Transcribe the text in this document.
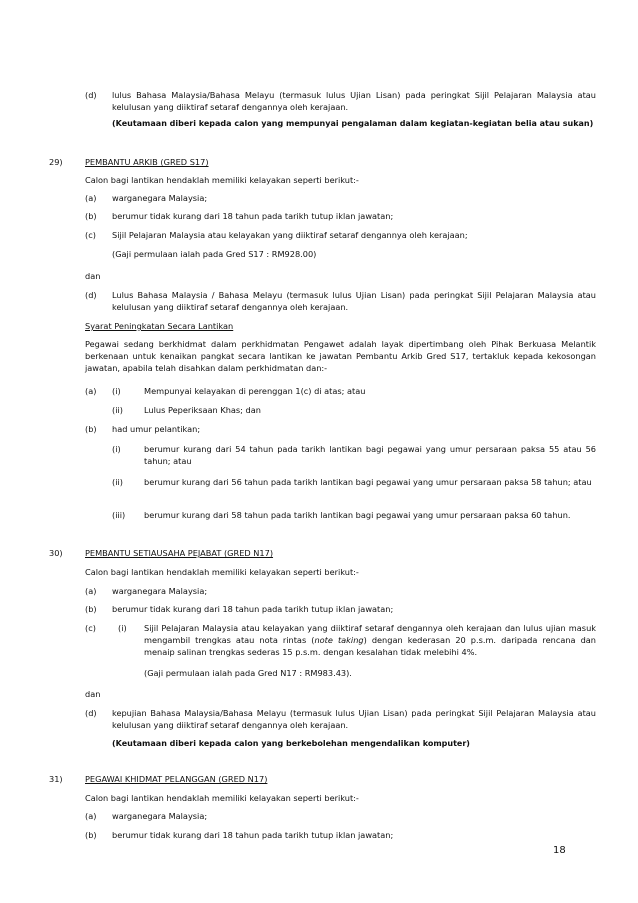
(d) lulus Bahasa Malaysia/Bahasa Melayu (termasuk lulus Ujian Lisan) pada peringkat Sijil Pelajaran Malaysia atau kelulusan yang diiktiraf setaraf dengannya oleh kerajaan.
(Keutamaan diberi kepada calon yang mempunyai pengalaman dalam kegiatan-kegiatan belia atau sukan)
29)	PEMBANTU ARKIB (GRED S17)
Calon bagi lantikan hendaklah memiliki kelayakan seperti berikut:-
(a) warganegara Malaysia;
(b) berumur tidak kurang dari 18 tahun pada tarikh tutup iklan jawatan;
(c) Sijil Pelajaran Malaysia atau kelayakan yang diiktiraf setaraf dengannya oleh kerajaan;
(Gaji permulaan ialah pada Gred S17 : RM928.00)
dan
(d) Lulus Bahasa Malaysia / Bahasa Melayu (termasuk lulus Ujian Lisan) pada peringkat Sijil Pelajaran Malaysia atau kelulusan yang diiktiraf setaraf dengannya oleh kerajaan.
Syarat Peningkatan Secara Lantikan
Pegawai sedang berkhidmat dalam perkhidmatan Pengawet adalah layak dipertimbang oleh Pihak Berkuasa Melantik berkenaan untuk kenaikan pangkat secara lantikan ke jawatan Pembantu Arkib Gred S17, tertakluk kepada kekosongan jawatan, apabila telah disahkan dalam perkhidmatan dan:-
(a) (i)	Mempunyai kelayakan di perenggan 1(c) di atas; atau
(ii)	Lulus Peperiksaan Khas; dan
(b) had umur pelantikan;
(i)	berumur kurang dari 54 tahun pada tarikh lantikan bagi pegawai yang umur persaraan paksa 55 atau 56 tahun; atau
(ii)	berumur kurang dari 56 tahun pada tarikh lantikan bagi pegawai yang umur persaraan paksa 58 tahun; atau
(iii) berumur kurang dari 58 tahun pada tarikh lantikan bagi pegawai yang umur persaraan paksa 60 tahun.
30)	PEMBANTU SETIAUSAHA PEJABAT (GRED N17)
Calon bagi lantikan hendaklah memiliki kelayakan seperti berikut:-
(a) warganegara Malaysia;
(b) berumur tidak kurang dari 18 tahun pada tarikh tutup iklan jawatan;
(c)	(i) Sijil Pelajaran Malaysia atau kelayakan yang diiktiraf setaraf dengannya oleh kerajaan dan lulus ujian masuk mengambil trengkas atau nota rintas (note taking) dengan kederasan 20 p.s.m. daripada rencana dan menaip salinan trengkas sederas 15 p.s.m. dengan kesalahan tidak melebihi 4%.
(Gaji permulaan ialah pada Gred N17 : RM983.43).
dan
(d) kepujian Bahasa Malaysia/Bahasa Melayu (termasuk lulus Ujian Lisan) pada peringkat Sijil Pelajaran Malaysia atau kelulusan yang diiktiraf setaraf dengannya oleh kerajaan.
(Keutamaan diberi kepada calon yang berkebolehan mengendalikan komputer)
31)	PEGAWAI KHIDMAT PELANGGAN (GRED N17)
Calon bagi lantikan hendaklah memiliki kelayakan seperti berikut:-
(a) warganegara Malaysia;
(b) berumur tidak kurang dari 18 tahun pada tarikh tutup iklan jawatan;
18
